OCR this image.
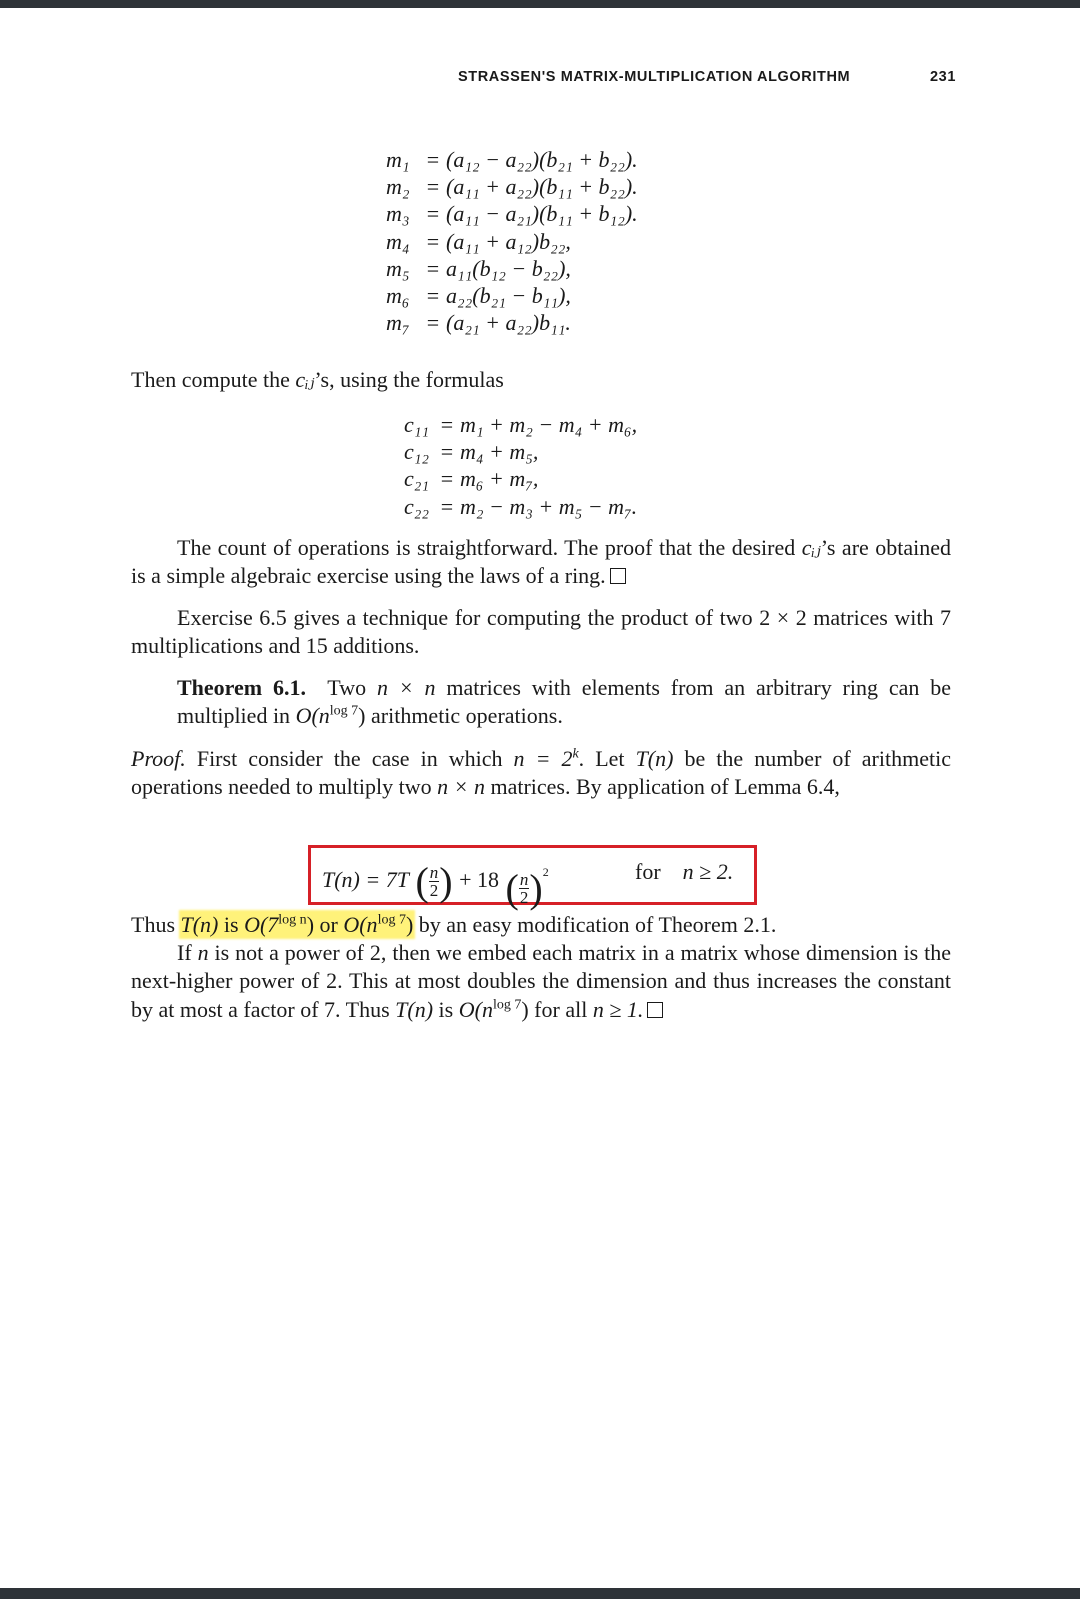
STRASSEN'S MATRIX-MULTIPLICATION ALGORITHM	231
m₁ = (a₁₂ − a₂₂)(b₂₁ + b₂₂).
m₂ = (a₁₁ + a₂₂)(b₁₁ + b₂₂).
m₃ = (a₁₁ − a₂₁)(b₁₁ + b₁₂).
m₄ = (a₁₁ + a₁₂)b₂₂,
m₅ = a₁₁(b₁₂ − b₂₂),
m₆ = a₂₂(b₂₁ − b₁₁),
m₇ = (a₂₁ + a₂₂)b₁₁.
Then compute the cᵢⱼ’s, using the formulas
c₁₁ = m₁ + m₂ − m₄ + m₆,
c₁₂ = m₄ + m₅,
c₂₁ = m₆ + m₇,
c₂₂ = m₂ − m₃ + m₅ − m₇.
The count of operations is straightforward. The proof that the desired cᵢⱼ’s are obtained is a simple algebraic exercise using the laws of a ring.
Exercise 6.5 gives a technique for computing the product of two 2 × 2 matrices with 7 multiplications and 15 additions.
Theorem 6.1. Two n × n matrices with elements from an arbitrary ring can be multiplied in $O(n^{log 7})$ arithmetic operations.
Proof. First consider the case in which $n = 2^k$. Let T(n) be the number of arithmetic operations needed to multiply two n × n matrices. By application of Lemma 6.4,
T(n) = 7T ( $\frac{n}{2}$ ) + 18 ( $\frac{n}{2} )^2$	for n ≥ 2.
Thus T(n) is $O(7^{log n})$ or $O(n^{log 7})$ by an easy modification of Theorem 2.1.
If n is not a power of 2, then we embed each matrix in a matrix whose dimension is the next-higher power of 2. This at most doubles the dimension and thus increases the constant by at most a factor of 7. Thus T(n) is $O(n^{log 7})$ for all n ≥ 1.
